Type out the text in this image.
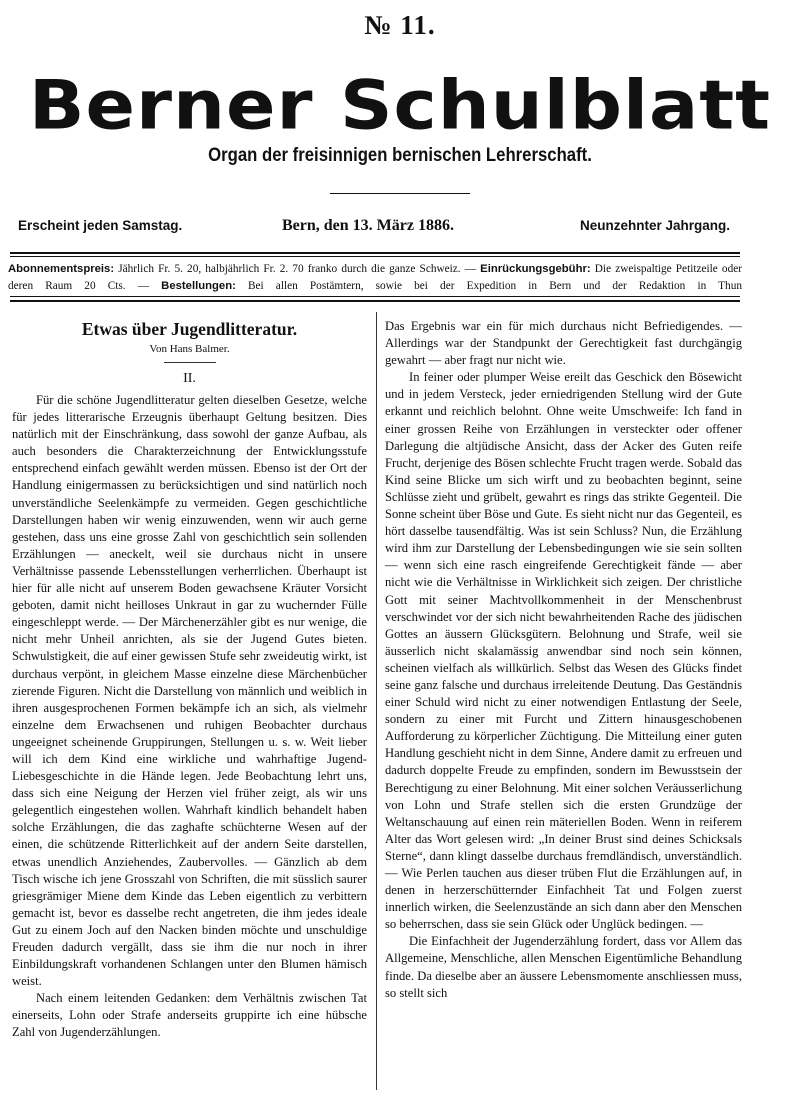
№ 11.
Berner Schulblatt
Organ der freisinnigen bernischen Lehrerschaft.
Erscheint jeden Samstag.	Bern, den 13. März 1886.	Neunzehnter Jahrgang.
Abonnementspreis: Jährlich Fr. 5. 20, halbjährlich Fr. 2. 70 franko durch die ganze Schweiz. — Einrückungsgebühr: Die zweispaltige Petitzeile oder deren Raum 20 Cts. — Bestellungen: Bei allen Postämtern, sowie bei der Expedition in Bern und der Redaktion in Thun
Etwas über Jugendlitteratur.
Von Hans Balmer.
II.

Für die schöne Jugendlitteratur gelten dieselben Gesetze, welche für jedes litterarische Erzeugnis überhaupt Geltung besitzen. Dies natürlich mit der Einschränkung, dass sowohl der ganze Aufbau, als auch besonders die Charakterzeichnung der Entwicklungsstufe entsprechend einfach gewählt werden müssen. Ebenso ist der Ort der Handlung einigermassen zu berücksichtigen und sind natürlich noch unverständliche Seelenkämpfe zu vermeiden. Gegen geschichtliche Darstellungen haben wir wenig einzuwenden, wenn wir auch gerne gestehen, dass uns eine grosse Zahl von geschichtlich sein sollenden Erzählungen — aneckelt, weil sie durchaus nicht in unsere Verhältnisse passende Lebensstellungen verherrlichen. Überhaupt ist hier für alle nicht auf unserem Boden gewachsene Kräuter Vorsicht geboten, damit nicht heilloses Unkraut in gar zu wuchernder Fülle eingeschleppt werde. — Der Märchenerzähler gibt es nur wenige, die nicht mehr Unheil anrichten, als sie der Jugend Gutes bieten. Schwulstigkeit, die auf einer gewissen Stufe sehr zweideutig wirkt, ist durchaus verpönt, in gleichem Masse einzelne diese Märchenbücher zierende Figuren. Nicht die Darstellung von männlich und weiblich in ihren ausgesprochenen Formen bekämpfe ich an sich, als vielmehr einzelne dem Erwachsenen und ruhigen Beobachter durchaus ungeeignet scheinende Gruppirungen, Stellungen u. s. w. Weit lieber will ich dem Kind eine wirkliche und wahrhaftige Jugend-Liebesgeschichte in die Hände legen. Jede Beobachtung lehrt uns, dass sich eine Neigung der Herzen viel früher zeigt, als wir uns gelegentlich eingestehen wollen. Wahrhaft kindlich behandelt haben solche Erzählungen, die das zaghafte schüchterne Wesen auf der einen, die schützende Ritterlichkeit auf der andern Seite darstellen, etwas unendlich Anziehendes, Zaubervolles. — Gänzlich ab dem Tisch wische ich jene Grosszahl von Schriften, die mit süsslich saurer griesgrämiger Miene dem Kinde das Leben eigentlich zu verbittern gemacht ist, bevor es dasselbe recht angetreten, die ihm jedes ideale Gut zu einem Joch auf den Nacken binden möchte und unschuldige Freuden dadurch vergällt, dass sie ihm die nur noch in ihrer Einbildungskraft vorhandenen Schlangen unter den Blumen hämisch weist.

Nach einem leitenden Gedanken: dem Verhältnis zwischen Tat einerseits, Lohn oder Strafe anderseits gruppirte ich eine hübsche Zahl von Jugenderzählungen.

Das Ergebnis war ein für mich durchaus nicht Befriedigendes. — Allerdings war der Standpunkt der Gerechtigkeit fast durchgängig gewahrt — aber fragt nur nicht wie.

In feiner oder plumper Weise ereilt das Geschick den Bösewicht und in jedem Versteck, jeder erniedrigenden Stellung wird der Gute erkannt und reichlich belohnt. Ohne weite Umschweife: Ich fand in einer grossen Reihe von Erzählungen in versteckter oder offener Darlegung die altjüdische Ansicht, dass der Acker des Guten reife Frucht, derjenige des Bösen schlechte Frucht tragen werde. Sobald das Kind seine Blicke um sich wirft und zu beobachten beginnt, seine Schlüsse zieht und grübelt, gewahrt es rings das strikte Gegenteil. Die Sonne scheint über Böse und Gute. Es sieht nicht nur das Gegenteil, es hört dasselbe tausendfältig. Was ist sein Schluss? Nun, die Erzählung wird ihm zur Darstellung der Lebensbedingungen wie sie sein sollten — wenn sich eine rasch eingreifende Gerechtigkeit fände — aber nicht wie die Verhältnisse in Wirklichkeit sich zeigen. Der christliche Gott mit seiner Machtvollkommenheit in der Menschenbrust verschwindet vor der sich nicht bewahrheitenden Rache des jüdischen Gottes an äussern Glücksgütern. Belohnung und Strafe, weil sie äusserlich nicht skalamässig anwendbar sind noch sein können, scheinen vielfach als willkürlich. Selbst das Wesen des Glücks findet seine ganz falsche und durchaus irreleitende Deutung. Das Geständnis einer Schuld wird nicht zu einer notwendigen Entlastung der Seele, sondern zu einer mit Furcht und Zittern hinausgeschobenen Aufforderung zu körperlicher Züchtigung. Die Mitteilung einer guten Handlung geschieht nicht in dem Sinne, Andere damit zu erfreuen und dadurch doppelte Freude zu empfinden, sondern im Bewusstsein der Berechtigung zu einer Belohnung. Mit einer solchen Veräusserlichung von Lohn und Strafe stellen sich die ersten Grundzüge der Weltanschauung auf einen rein mäteriellen Boden. Wenn in reiferem Alter das Wort gelesen wird: „In deiner Brust sind deines Schicksals Sterne“, dann klingt dasselbe durchaus fremdländisch, unverständlich. — Wie Perlen tauchen aus dieser trüben Flut die Erzählungen auf, in denen in herzerschütternder Einfachheit Tat und Folgen zuerst innerlich wirken, die Seelenzustände an sich dann aber den Menschen so beherrschen, dass sie sein Glück oder Unglück bedingen. —

Die Einfachheit der Jugenderzählung fordert, dass vor Allem das Allgemeine, Menschliche, allen Menschen Eigentümliche Behandlung finde. Da dieselbe aber an äussere Lebensmomente anschliessen muss, so stellt sich
